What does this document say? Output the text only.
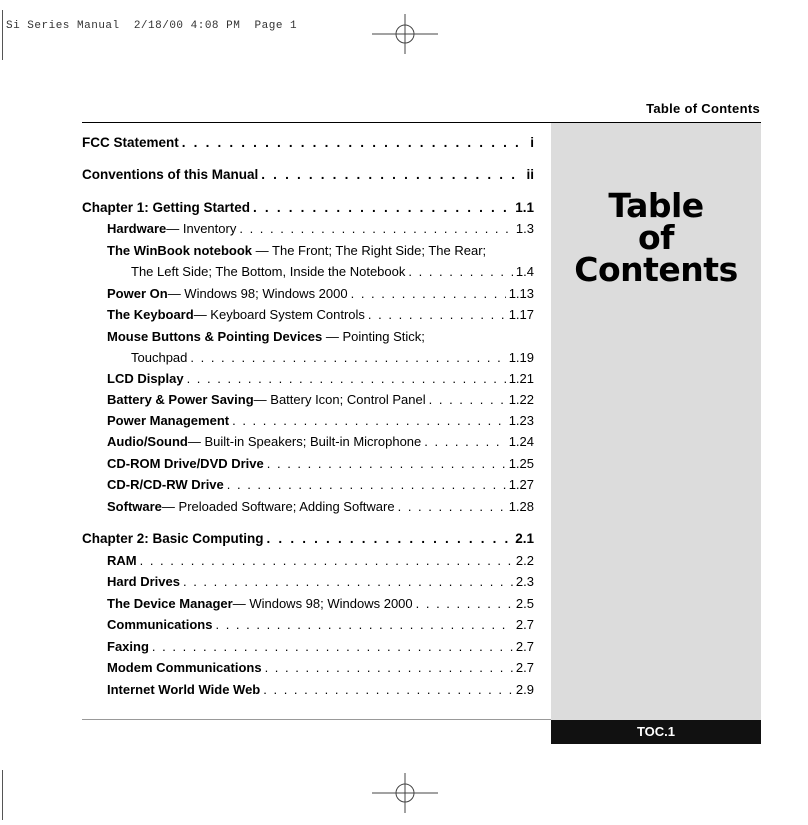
Si Series Manual  2/18/00 4:08 PM  Page 1
Table of Contents
Table
of
Contents
TOC.1
FCC Statement . . .	i
Conventions of this Manual . . .	ii
Chapter 1: Getting Started . . .	1.1
Hardware — Inventory . . .	1.3
The WinBook notebook — The Front; The Right Side; The Rear;
The Left Side; The Bottom, Inside the Notebook . . .	1.4
Power On — Windows 98; Windows 2000 . . .	1.13
The Keyboard — Keyboard System Controls . . .	1.17
Mouse Buttons & Pointing Devices — Pointing Stick;
Touchpad . . .	1.19
LCD Display . . .	1.21
Battery & Power Saving — Battery Icon; Control Panel . . .	1.22
Power Management . . .	1.23
Audio/Sound — Built-in Speakers; Built-in Microphone . . .	1.24
CD-ROM Drive/DVD Drive . . .	1.25
CD-R/CD-RW Drive . . .	1.27
Software — Preloaded Software; Adding Software . . .	1.28
Chapter 2: Basic Computing . . .	2.1
RAM . . .	2.2
Hard Drives . . .	2.3
The Device Manager — Windows 98; Windows 2000 . . .	2.5
Communications . . .	2.7
Faxing . . .	2.7
Modem Communications . . .	2.7
Internet World Wide Web . . .	2.9
